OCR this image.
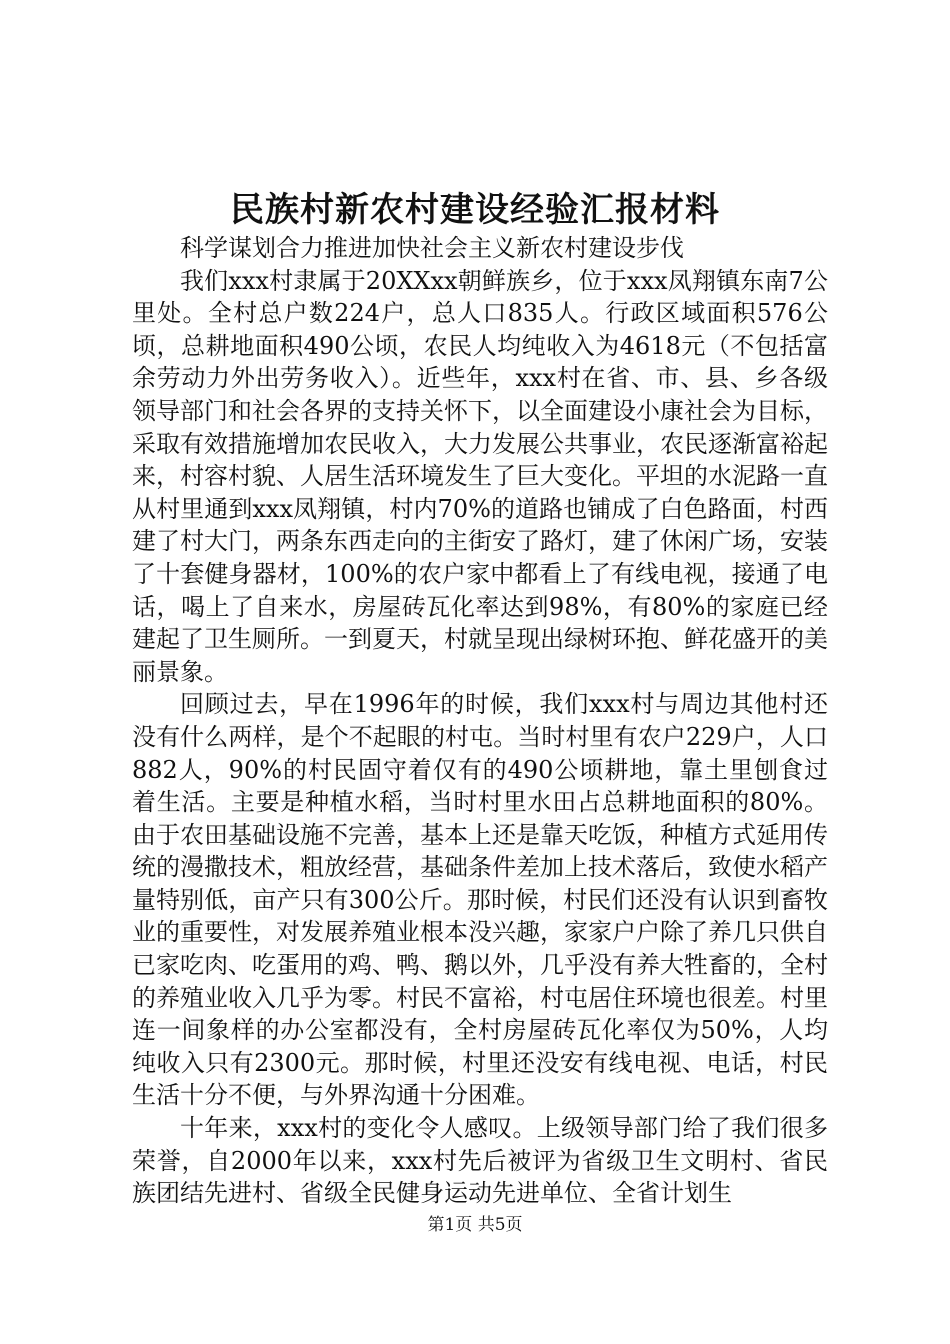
民族村新农村建设经验汇报材料

科学谋划合力推进加快社会主义新农村建设步伐

我们xxx村隶属于20XXxx朝鲜族乡，位于xxx凤翔镇东南7公里处。全村总户数224户，总人口835人。行政区域面积576公顷，总耕地面积490公顷，农民人均纯收入为4618元（不包括富余劳动力外出劳务收入）。近些年，xxx村在省、市、县、乡各级领导部门和社会各界的支持关怀下，以全面建设小康社会为目标，采取有效措施增加农民收入，大力发展公共事业，农民逐渐富裕起来，村容村貌、人居生活环境发生了巨大变化。平坦的水泥路一直从村里通到xxx凤翔镇，村内70%的道路也铺成了白色路面，村西建了村大门，两条东西走向的主街安了路灯，建了休闲广场，安装了十套健身器材，100%的农户家中都看上了有线电视，接通了电话，喝上了自来水，房屋砖瓦化率达到98%，有80%的家庭已经建起了卫生厕所。一到夏天，村就呈现出绿树环抱、鲜花盛开的美丽景象。

回顾过去，早在1996年的时候，我们xxx村与周边其他村还没有什么两样，是个不起眼的村屯。当时村里有农户229户，人口882人，90%的村民固守着仅有的490公顷耕地，靠土里刨食过着生活。主要是种植水稻，当时村里水田占总耕地面积的80%。由于农田基础设施不完善，基本上还是靠天吃饭，种植方式延用传统的漫撒技术，粗放经营，基础条件差加上技术落后，致使水稻产量特别低，亩产只有300公斤。那时候，村民们还没有认识到畜牧业的重要性，对发展养殖业根本没兴趣，家家户户除了养几只供自已家吃肉、吃蛋用的鸡、鸭、鹅以外，几乎没有养大牲畜的，全村的养殖业收入几乎为零。村民不富裕，村屯居住环境也很差。村里连一间象样的办公室都没有，全村房屋砖瓦化率仅为50%，人均纯收入只有2300元。那时候，村里还没安有线电视、电话，村民生活十分不便，与外界沟通十分困难。

十年来，xxx村的变化令人感叹。上级领导部门给了我们很多荣誉，自2000年以来，xxx村先后被评为省级卫生文明村、省民族团结先进村、省级全民健身运动先进单位、全省计划生

第1页 共5页
